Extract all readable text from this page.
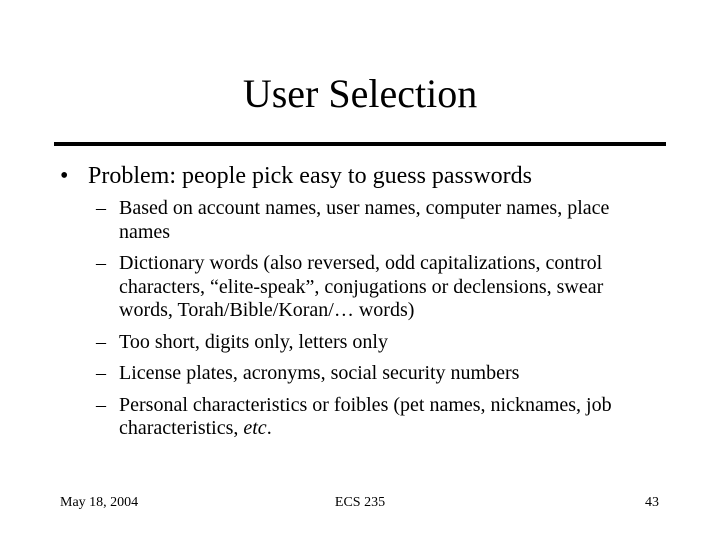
User Selection
• Problem: people pick easy to guess passwords
– Based on account names, user names, computer names, place names
– Dictionary words (also reversed, odd capitalizations, control characters, “elite-speak”, conjugations or declensions, swear words, Torah/Bible/Koran/… words)
– Too short, digits only, letters only
– License plates, acronyms, social security numbers
– Personal characteristics or foibles (pet names, nicknames, job characteristics, etc.
May 18, 2004	ECS 235	43
